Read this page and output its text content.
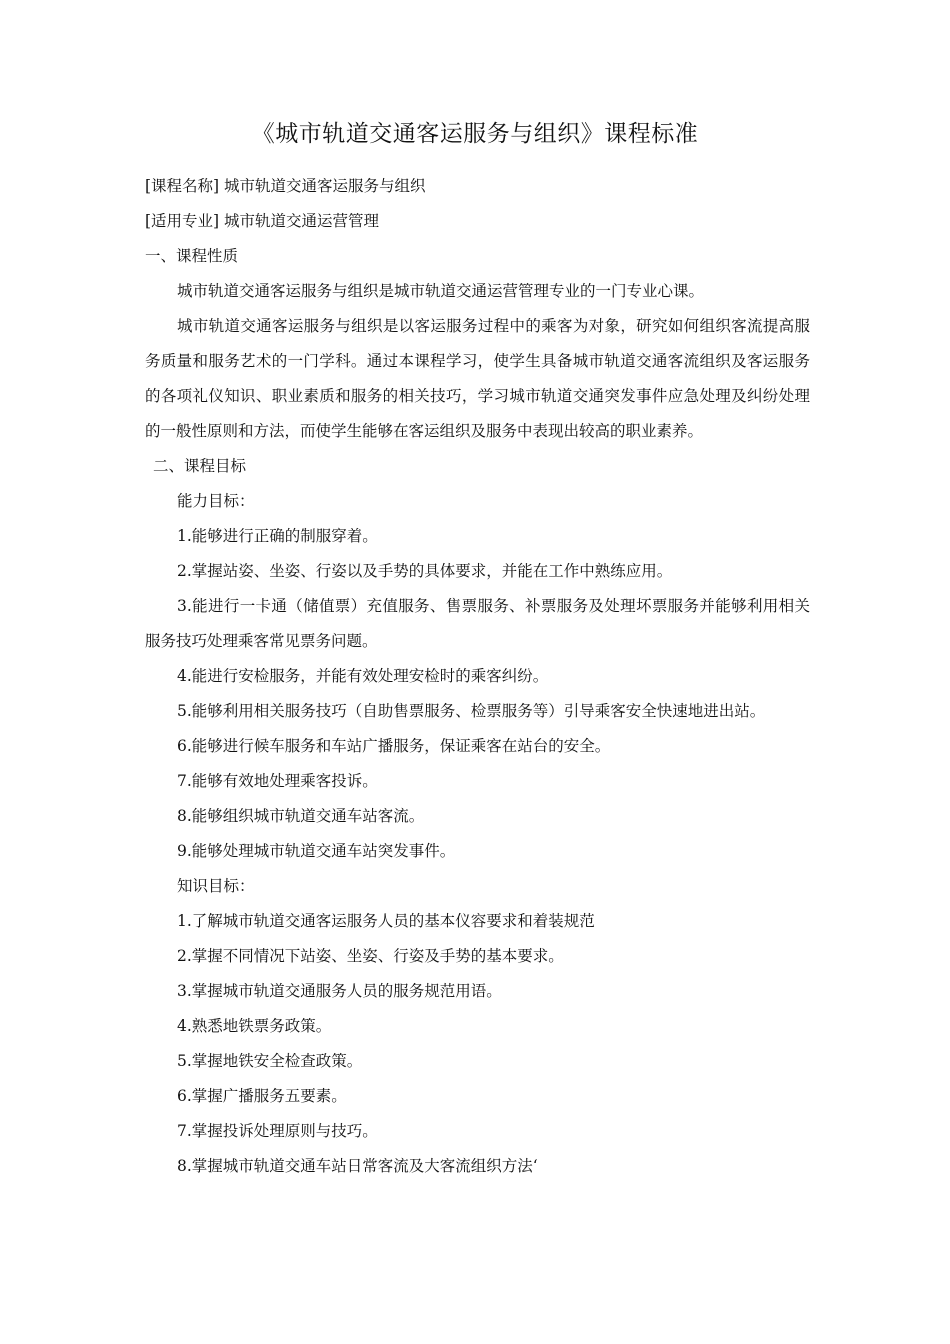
《城市轨道交通客运服务与组织》课程标准

[课程名称] 城市轨道交通客运服务与组织

[适用专业] 城市轨道交通运营管理

一、课程性质

城市轨道交通客运服务与组织是城市轨道交通运营管理专业的一门专业心课。

城市轨道交通客运服务与组织是以客运服务过程中的乘客为对象，研究如何组织客流提高服务质量和服务艺术的一门学科。通过本课程学习，使学生具备城市轨道交通客流组织及客运服务的各项礼仪知识、职业素质和服务的相关技巧，学习城市轨道交通突发事件应急处理及纠纷处理的一般性原则和方法，而使学生能够在客运组织及服务中表现出较高的职业素养。

二、课程目标

能力目标：

1.能够进行正确的制服穿着。

2.掌握站姿、坐姿、行姿以及手势的具体要求，并能在工作中熟练应用。

3.能进行一卡通（储值票）充值服务、售票服务、补票服务及处理坏票服务并能够利用相关服务技巧处理乘客常见票务问题。

4.能进行安检服务，并能有效处理安检时的乘客纠纷。

5.能够利用相关服务技巧（自助售票服务、检票服务等）引导乘客安全快速地进出站。

6.能够进行候车服务和车站广播服务，保证乘客在站台的安全。

7.能够有效地处理乘客投诉。

8.能够组织城市轨道交通车站客流。

9.能够处理城市轨道交通车站突发事件。

知识目标：

1.了解城市轨道交通客运服务人员的基本仪容要求和着装规范

2.掌握不同情况下站姿、坐姿、行姿及手势的基本要求。

3.掌握城市轨道交通服务人员的服务规范用语。

4.熟悉地铁票务政策。

5.掌握地铁安全检查政策。

6.掌握广播服务五要素。

7.掌握投诉处理原则与技巧。

8.掌握城市轨道交通车站日常客流及大客流组织方法‘
